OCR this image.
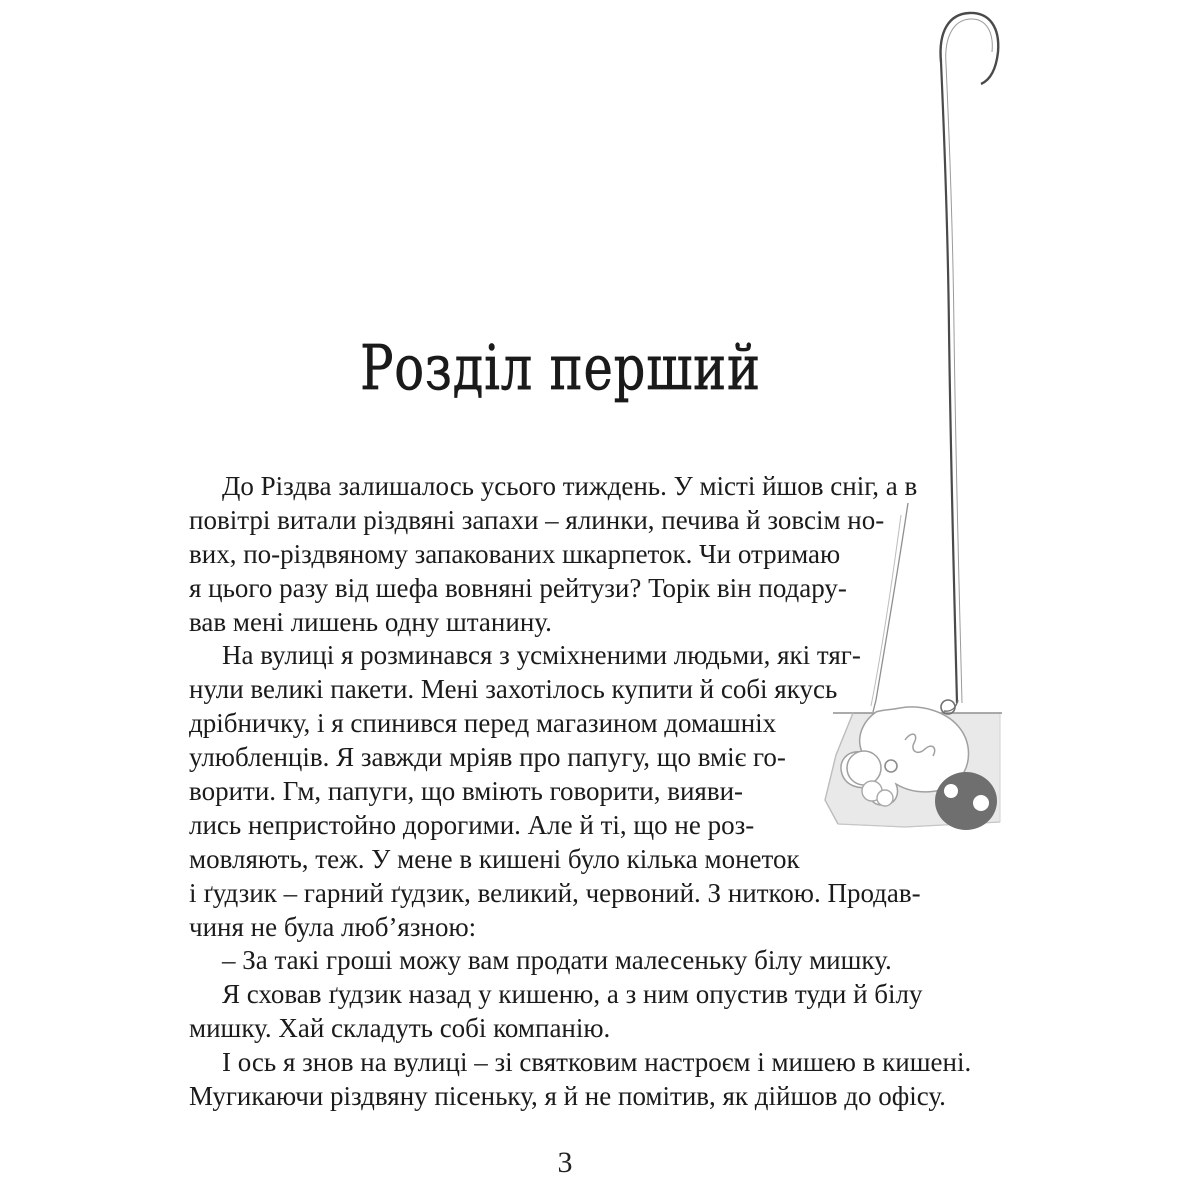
Розділ перший
До Різдва залишалось усього тиждень. У місті йшов сніг, а в
повітрі витали різдвяні запахи – ялинки, печива й зовсім но-
вих, по-різдвяному запакованих шкарпеток. Чи отримаю
я цього разу від шефа вовняні рейтузи? Торік він подару-
вав мені лишень одну штанину.
На вулиці я розминався з усміхненими людьми, які тяг-
нули великі пакети. Мені захотілось купити й собі якусь
дрібничку, і я спинився перед магазином домашніх
улюбленців. Я завжди мріяв про папугу, що вміє го-
ворити. Гм, папуги, що вміють говорити, вияви-
лись непристойно дорогими. Але й ті, що не роз-
мовляють, теж. У мене в кишені було кілька монеток
і ґудзик – гарний ґудзик, великий, червоний. З ниткою. Продав-
чиня не була люб’язною:
– За такі гроші можу вам продати малесеньку білу мишку.
Я сховав ґудзик назад у кишеню, а з ним опустив туди й білу
мишку. Хай складуть собі компанію.
І ось я знов на вулиці – зі святковим настроєм і мишею в кишені.
Мугикаючи різдвяну пісеньку, я й не помітив, як дійшов до офісу.
3
